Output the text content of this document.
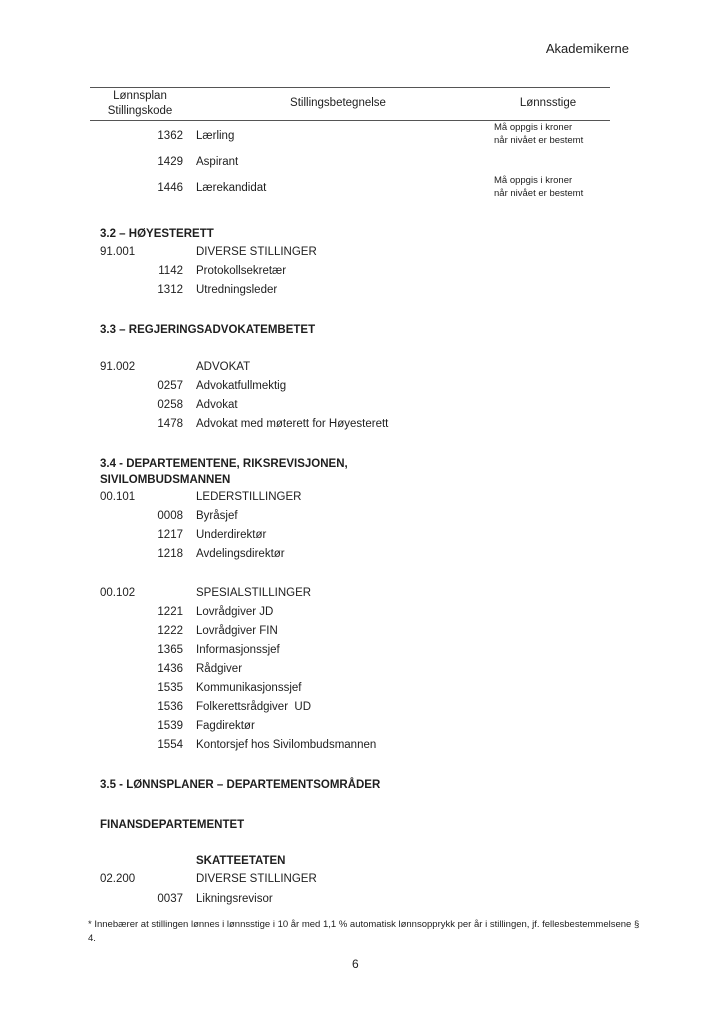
Akademikerne
Lønnsplan
Stillingskode
Stillingsbetegnelse	Lønnsstige
1362 Lærling
Må oppgis i kroner
når nivået er bestemt
1429 Aspirant
1446 Lærekandidat
Må oppgis i kroner
når nivået er bestemt
3.2 – HØYESTERETT
91.001	DIVERSE STILLINGER
1142 Protokollsekretær
1312 Utredningsleder
3.3 – REGJERINGSADVOKATEMBETET
91.002	ADVOKAT
0257 Advokatfullmektig
0258 Advokat
1478 Advokat med møterett for Høyesterett
3.4 - DEPARTEMENTENE, RIKSREVISJONEN,
SIVILOMBUDSMANNEN
00.101	LEDERSTILLINGER
0008 Byråsjef
1217 Underdirektør
1218 Avdelingsdirektør
00.102	SPESIALSTILLINGER
1221 Lovrådgiver JD
1222 Lovrådgiver FIN
1365 Informasjonssjef
1436 Rådgiver
1535 Kommunikasjonssjef
1536 Folkerettsrådgiver  UD
1539 Fagdirektør
1554 Kontorsjef hos Sivilombudsmannen
3.5 - LØNNSPLANER – DEPARTEMENTSOMRÅDER
FINANSDEPARTEMENTET
SKATTEETATEN
02.200	DIVERSE STILLINGER
0037 Likningsrevisor
* Innebærer at stillingen lønnes i lønnsstige i 10 år med 1,1 % automatisk lønnsopprykk per år i stillingen, jf. fellesbestemmelsene § 4.
6
